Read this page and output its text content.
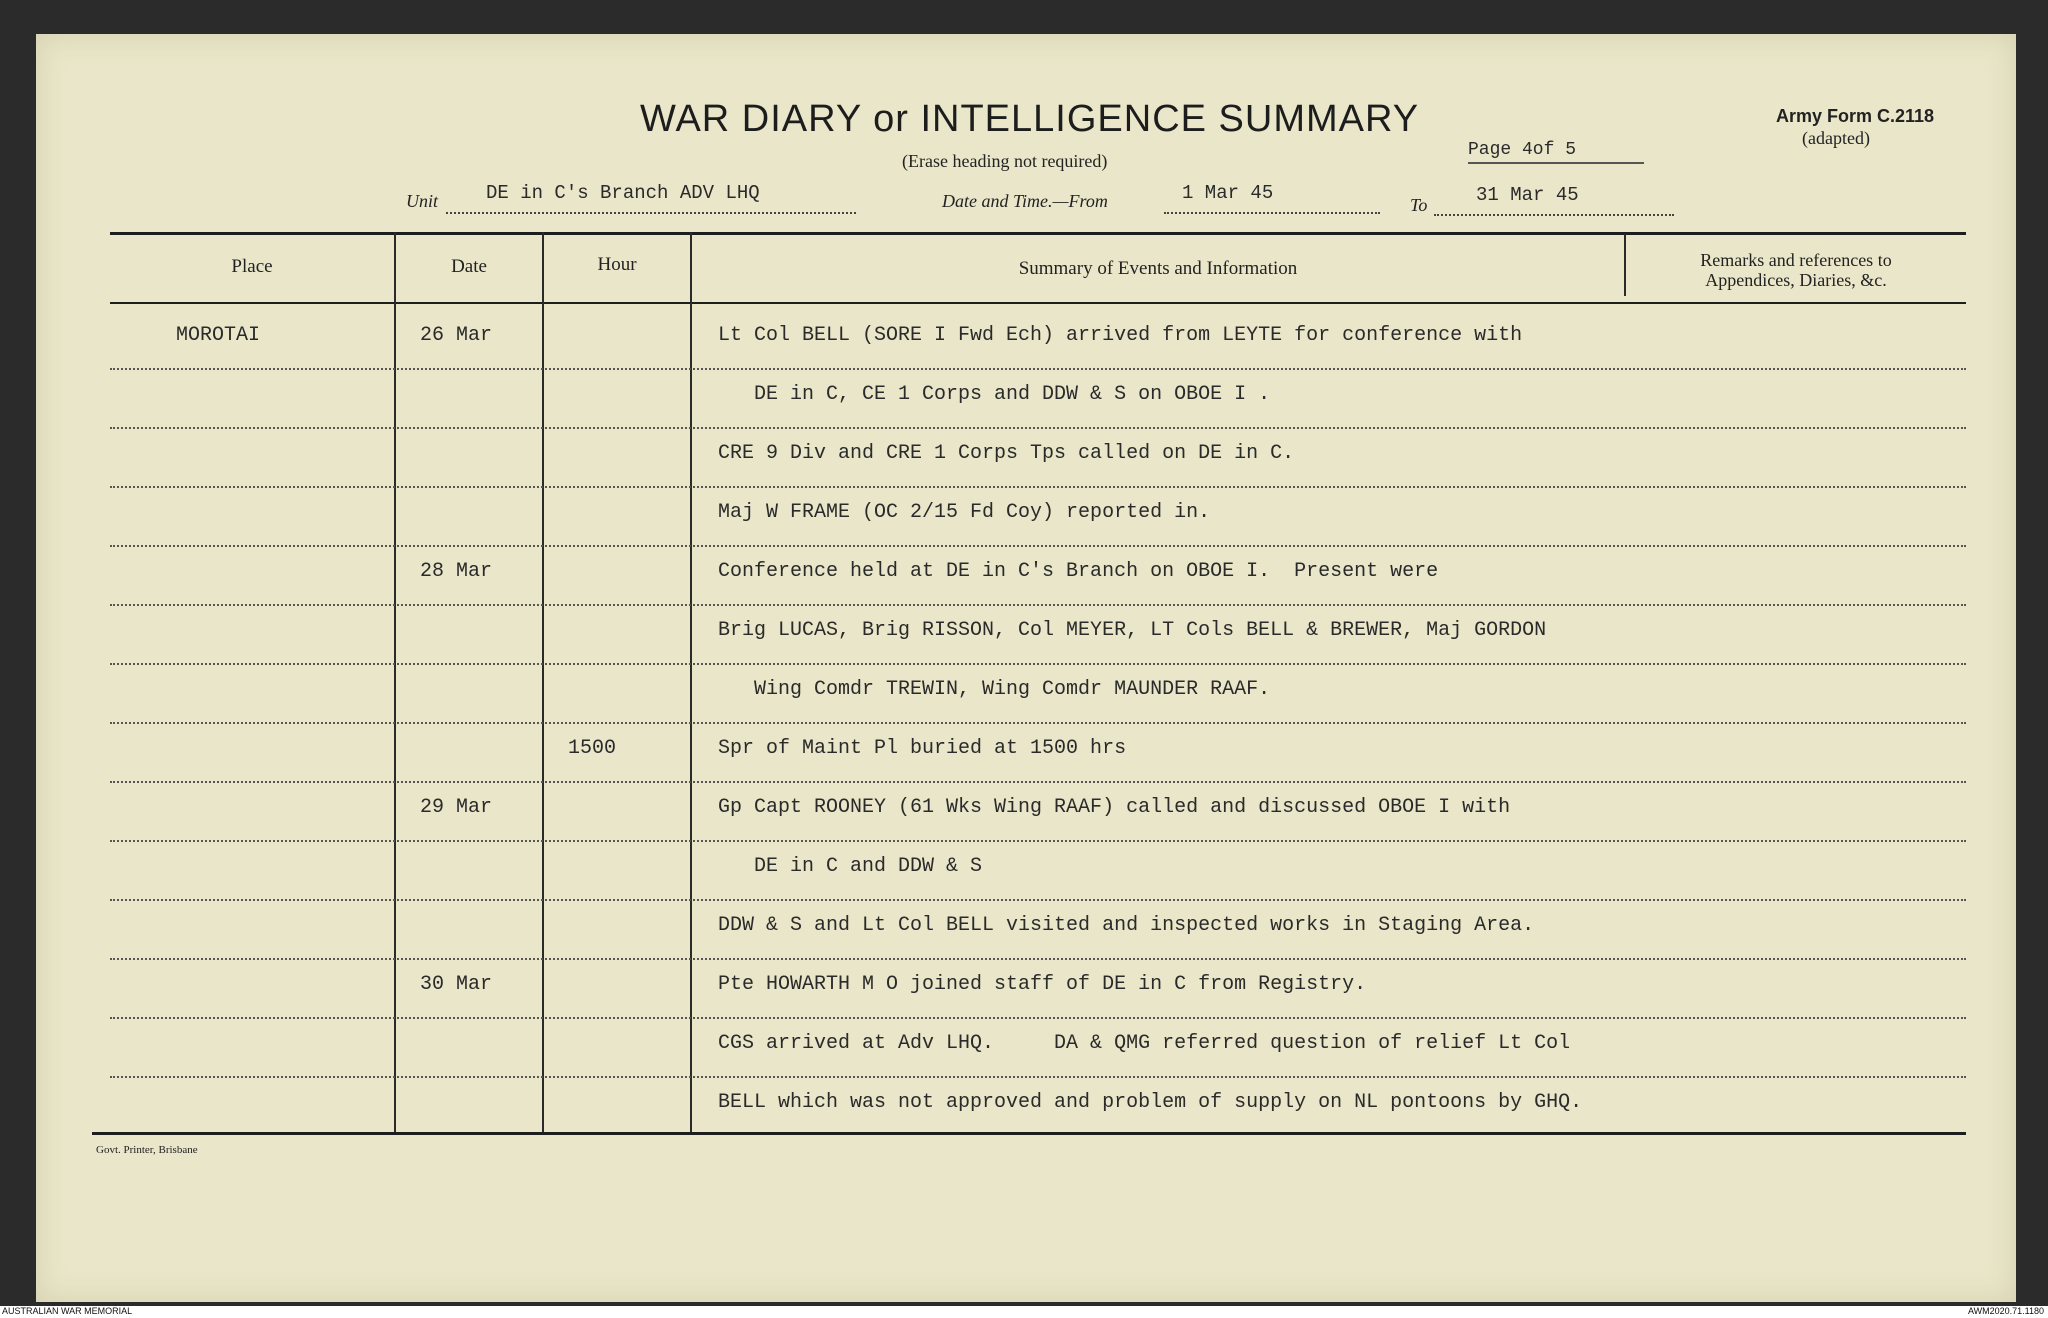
WAR DIARY or INTELLIGENCE SUMMARY
(Erase heading not required)
Army Form C.2118
(adapted)
Page 4of 5
Unit	DE in C's Branch ADV LHQ	Date and Time.—From	1 Mar 45
To	31 Mar 45
Place	Date	Hour	Summary of Events and Information	Remarks and references to
Appendices, Diaries, &c.
MOROTAI	26 Mar	Lt Col BELL (SORE I Fwd Ech) arrived from LEYTE for conference with
DE in C, CE 1 Corps and DDW & S on OBOE I .
CRE 9 Div and CRE 1 Corps Tps called on DE in C.
Maj W FRAME (OC 2/15 Fd Coy) reported in.
28 Mar	Conference held at DE in C's Branch on OBOE I.  Present were
Brig LUCAS, Brig RISSON, Col MEYER, LT Cols BELL & BREWER, Maj GORDON
Wing Comdr TREWIN, Wing Comdr MAUNDER RAAF.
1500	Spr of Maint Pl buried at 1500 hrs
29 Mar	Gp Capt ROONEY (61 Wks Wing RAAF) called and discussed OBOE I with
DE in C and DDW & S
DDW & S and Lt Col BELL visited and inspected works in Staging Area.
30 Mar	Pte HOWARTH M O joined staff of DE in C from Registry.
CGS arrived at Adv LHQ.     DA & QMG referred question of relief Lt Col
BELL which was not approved and problem of supply on NL pontoons by GHQ.
Govt. Printer, Brisbane
AUSTRALIAN WAR MEMORIAL	AWM2020.71.1180
